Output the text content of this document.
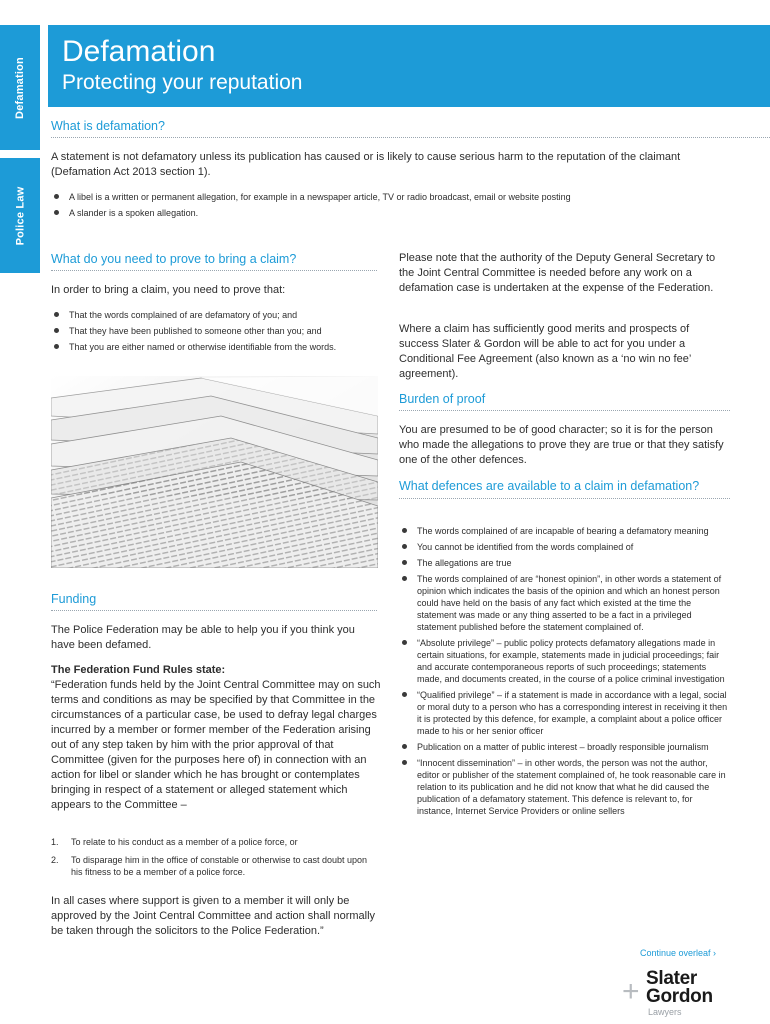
Defamation
Police Law
Defamation
Protecting your reputation
What is defamation?
A statement is not defamatory unless its publication has caused or is likely to cause serious harm to the reputation of the claimant (Defamation Act 2013 section 1).
A libel is a written or permanent allegation, for example in a newspaper article, TV or radio broadcast, email or website posting
A slander is a spoken allegation.
What do you need to prove to bring a claim?
In order to bring a claim, you need to prove that:
That the words complained of are defamatory of you; and
That they have been published to someone other than you; and
That you are either named or otherwise identifiable from the words.
Funding
The Police Federation may be able to help you if you think you have been defamed.
The Federation Fund Rules state:
“Federation funds held by the Joint Central Committee may on such terms and conditions as may be specified by that Committee in the circumstances of a particular case, be used to defray legal charges incurred by a member or former member of the Federation arising out of any step taken by him with the prior approval of that Committee (given for the purposes here of) in connection with an action for libel or slander which he has brought or contemplates bringing in respect of a statement or alleged statement which appears to the Committee –
1. To relate to his conduct as a member of a police force, or
2. To disparage him in the office of constable or otherwise to cast doubt upon his fitness to be a member of a police force.
In all cases where support is given to a member it will only be approved by the Joint Central Committee and action shall normally be taken through the solicitors to the Police Federation.”
Please note that the authority of the Deputy General Secretary to the Joint Central Committee is needed before any work on a defamation case is undertaken at the expense of the Federation.
Where a claim has sufficiently good merits and prospects of success Slater & Gordon will be able to act for you under a Conditional Fee Agreement (also known as a ‘no win no fee’ agreement).
Burden of proof
You are presumed to be of good character; so it is for the person who made the allegations to prove they are true or that they satisfy one of the other defences.
What defences are available to a claim in defamation?
The words complained of are incapable of bearing a defamatory meaning
You cannot be identified from the words complained of
The allegations are true
The words complained of are “honest opinion”, in other words a statement of opinion which indicates the basis of the opinion and which an honest person could have held on the basis of any fact which existed at the time the statement was made or any thing asserted to be a fact in a privileged statement published before the statement complained of.
“Absolute privilege” – public policy protects defamatory allegations made in certain situations, for example, statements made in judicial proceedings; fair and accurate contemporaneous reports of such proceedings; statements made, and documents created, in the course of a police criminal investigation
“Qualified privilege” – if a statement is made in accordance with a legal, social or moral duty to a person who has a corresponding interest in receiving it then it is protected by this defence, for example, a complaint about a police officer made to his or her senior officer
Publication on a matter of public interest – broadly responsible journalism
“Innocent dissemination” – in other words, the person was not the author, editor or publisher of the statement complained of, he took reasonable care in relation to its publication and he did not know that what he did caused the publication of a defamatory statement. This defence is relevant to, for instance, Internet Service Providers or online sellers
Continue overleaf ›
+ Slater
Gordon
Lawyers
